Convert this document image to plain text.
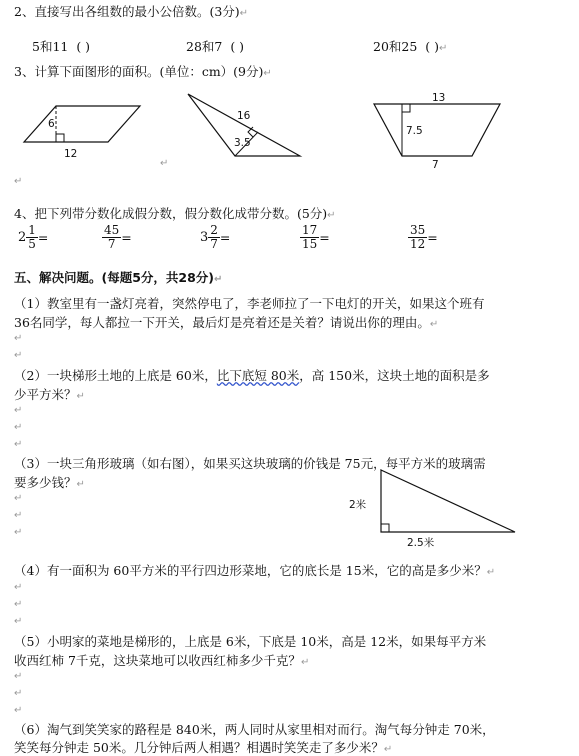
2、直接写出各组数的最小公倍数。(3分)↵
5和11 ( )	28和7 ( )	20和25 ( )↵
3、计算下面图形的面积。(单位：cm）(9分)↵
6
12
16
3.5
13
7.5
7
↵
↵
4、把下列带分数化成假分数，假分数化成带分数。(5分)↵
$2 \frac{1}{5}$ =	$\frac{45}{7}$ =	$3 \frac{2}{7}$ =	$\frac{17}{15}$ =	$\frac{35}{12}$ =
五、解决问题。(每题5分，共28分)↵
（1）教室里有一盏灯亮着，突然停电了，李老师拉了一下电灯的开关，如果这个班有
36名同学，每人都拉一下开关，最后灯是亮着还是关着？请说出你的理由。↵
↵
↵
（2）一块梯形土地的上底是 60米，比下底短 80米，高 150米，这块土地的面积是多
少平方米？↵
↵
↵
↵
（3）一块三角形玻璃（如右图），如果买这块玻璃的价钱是 75元，每平方米的玻璃需
要多少钱？↵
↵
↵
↵
2米
2.5米
（4）有一面积为 60平方米的平行四边形菜地，它的底长是 15米，它的高是多少米？↵
↵
↵
↵
（5）小明家的菜地是梯形的，上底是 6米，下底是 10米，高是 12米，如果每平方米
收西红柿 7千克，这块菜地可以收西红柿多少千克？↵
↵
↵
↵
（6）淘气到笑笑家的路程是 840米，两人同时从家里相对而行。淘气每分钟走 70米，
笑笑每分钟走 50米。几分钟后两人相遇？相遇时笑笑走了多少米？↵
